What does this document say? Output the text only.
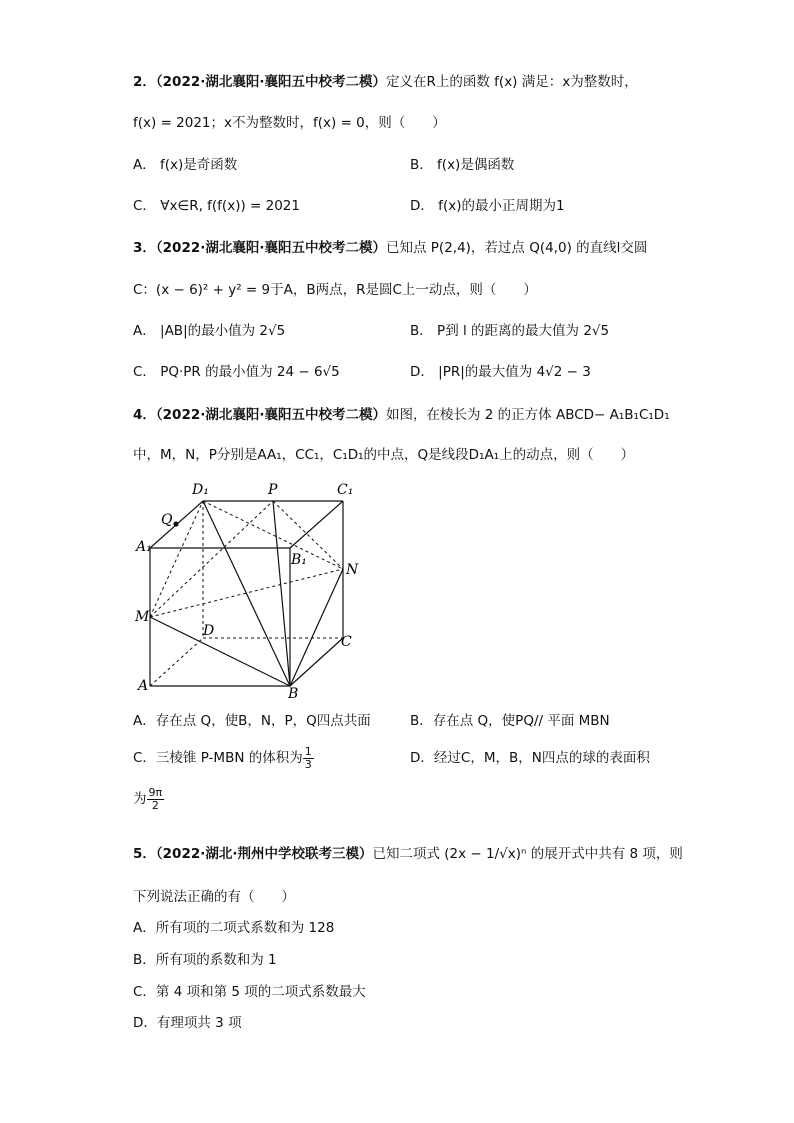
2．（2022·湖北襄阳·襄阳五中校考二模）定义在R上的函数 f(x) 满足：x为整数时，
f(x) = 2021；x不为整数时，f(x) = 0，则（　　）
A． f(x)是奇函数	B． f(x)是偶函数
C． ∀x∈R, f(f(x)) = 2021	D． f(x)的最小正周期为1
3．（2022·湖北襄阳·襄阳五中校考二模）已知点 P(2,4)，若过点 Q(4,0) 的直线l交圆
C：(x − 6)² + y² = 9于A，B两点，R是圆C上一动点，则（　　）
A． |AB|的最小值为 2√5	B． P到 l 的距离的最大值为 2√5
C． PQ·PR 的最小值为 24 − 6√5	D． |PR|的最大值为 4√2 − 3
4．（2022·湖北襄阳·襄阳五中校考二模）如图，在棱长为 2 的正方体 ABCD− A₁B₁C₁D₁
中，M，N，P分别是AA₁，CC₁，C₁D₁的中点，Q是线段D₁A₁上的动点，则（　　）
D₁	P	C₁
Q
A₁
B₁
N
M
D
C
A	B
A．存在点 Q，使B，N，P，Q四点共面	B．存在点 Q，使PQ// 平面 MBN
C．三棱锥 P-MBN 的体积为 $\frac{1}{3}$	D．经过C，M，B，N四点的球的表面积
为 $\frac{9\pi}{2}$
5．（2022·湖北·荆州中学校联考三模）已知二项式 (2x − 1/√x)ⁿ 的展开式中共有 8 项，则
下列说法正确的有（　　）
A．所有项的二项式系数和为 128
B．所有项的系数和为 1
C．第 4 项和第 5 项的二项式系数最大
D．有理项共 3 项
